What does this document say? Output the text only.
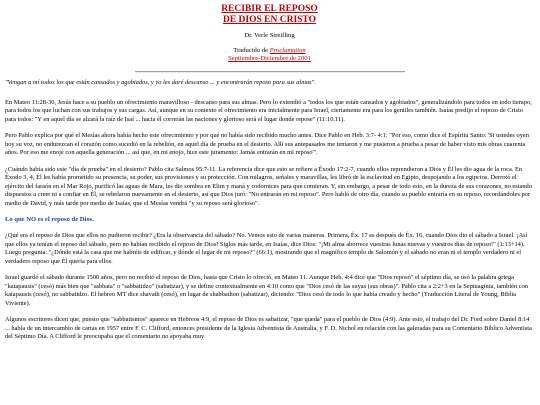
RECIBIR EL REPOSO
DE DIOS EN CRISTO
Dr. Verle Streifling
Traducido de Proclamation
Septiembre-Diciembre de 2001

"Vengan a mí todos los que están cansados y agobiados, y yo les daré descanso ... y encontrarán reposo para sus almas".

En Mateo 11:28-30, Jesús hace a su pueblo un ofrecimiento maravilloso - descanso para sus almas. Pero lo extendió a "todos los que están cansados y agobiados", generalizándolo para todos en todo tiempo, para todos los que luchan con sus trabajos y sus cargas. Así, aunque en su contexto el ofrecimiento era inicialmente para Israel, ciertamente era para los gentiles también. Isaías predijo el reposo de Cristo para todos: "Y en aquel día se alzará la raíz de Isaí ... hacia él correrán las naciones y glorioso será el lugar donde repose" (11:10.11).

Pero Pablo explica por qué el Mesías ahora había hecho este ofrecimiento y por qué no había sido recibido mucho antes. Dice Pablo en Heb. 3:7- 4:1: "Por eso, como dice el Espíritu Santo: 'Si ustedes oyen hoy su voz, no endurezcan el corazón como sucedió en la rebelión, en aquel día de prueba en el desierto. Allí sus antepasados me tentaron y me pusieron a prueba a pesar de haber visto mis obras cuarenta años. Por eso me enojé con aquella generación ... así que, en mi enojo, hice este juramento: Jamás entrarán en mi reposo'".

¿Cuándo había sido este "día de prueba" en el desierto? Pablo cita Salmos 95:7-11. La referencia dice que esto se refiere a Éxodo 17:2-7, cuando ellos reprendieron a Dios y Él les dio agua de la roca. En Éxodo 3, 4, Él les había prometido su presencia, su poder, sus provisiones y su protección. Con milagros, señales y maravillas, les libró de la esclavitud en Egipto, despojando a los egipcios. Derrotó el ejército del faraón en el Mar Rojo, purificó las aguas de Mara, les dio sombra en Elim y maná y codornices para que comieran. Y, sin embargo, a pesar de todo esto, en la dureza de sus corazones, no estando dispuestos a creer ni a confiar en Él, se rebelaron nuevamente en el desierto, así que Dios juró: "No entrarán en mi reposo". Pero habló de otro día, cuando su pueblo entraría en su reposo, recordándoles por medio de David, y más tarde por medio de Isaías, que el Mesías vendrá "y su reposo será glorioso".

Lo que NO es el reposo de Dios.

¿Qué era el reposo de Dios que ellos no pudieron recibir? ¿Era la observancia del sábado? No. Vemos esto de varias maneras. Primera, Éx. 17 es después de Éx. 16, cuando Dios dio el sábado a Israel. ¡Así que ellos ya tenían el reposo del sábado, pero no habían recibido el reposo de Dios! Siglos más tarde, en Isaías, dice Dios: "¡Mi alma aborrece vuestras lunas nuevas y vuestros días de reposo!" (1:13+14). Luego pregunta: "¿Dónde está la casa que me habréis de edificar, y dónde el lugar de mi reposo?" (66:1), mostrando que el magnífico templo de Salomón y el sábado no eran ni el templo verdadero ni el verdadero reposo que Él quería para ellos.

Israel guardó el sábado durante 1500 años, pero no recibió el reposo de Dios, hasta que Cristo lo ofreció, en Mateo 11. Aunque Heb. 4:4 dice que "Dios reposó" el séptimo día, se usó la palabra griega "katapausis" (cesó) más bien que "sabbata" o "sabbatidzo" (sabatizar), y se define contextualmente en 4:10 como que "Dios cesó de las suyas (sus obras)". Pablo cita a 2:2+3 en la Septuaginta, también con katapausis (cesó), no sabbatidzo. El hebreo MT dice shavath (cesó), en lugar de shabbathon (sabatizar), diciendo: "Dios cesó de todo lo que había creado y hecho" (Traducción Literal de Young, Biblia Viviente).

Algunos escritores dicen que, puesto que "sabbatismos" aparece en Hebreos 4:9, el reposo de Dios es sabatizar, "que queda" para el pueblo de Dios (4:9). Ante esto, el trabajo del Dr. Ford sobre Daniel 8:14 ... habla de un intercambio de cartas en 1957 entre F. C. Clifford, entonces presidente de la Iglesia Adventista de Australia, y F. D. Nichol en relación con las galeradas para su Comentario Bíblico Adventista del Séptimo Día. A Clifford le preocupaba que el comentario no apoyaba muy
